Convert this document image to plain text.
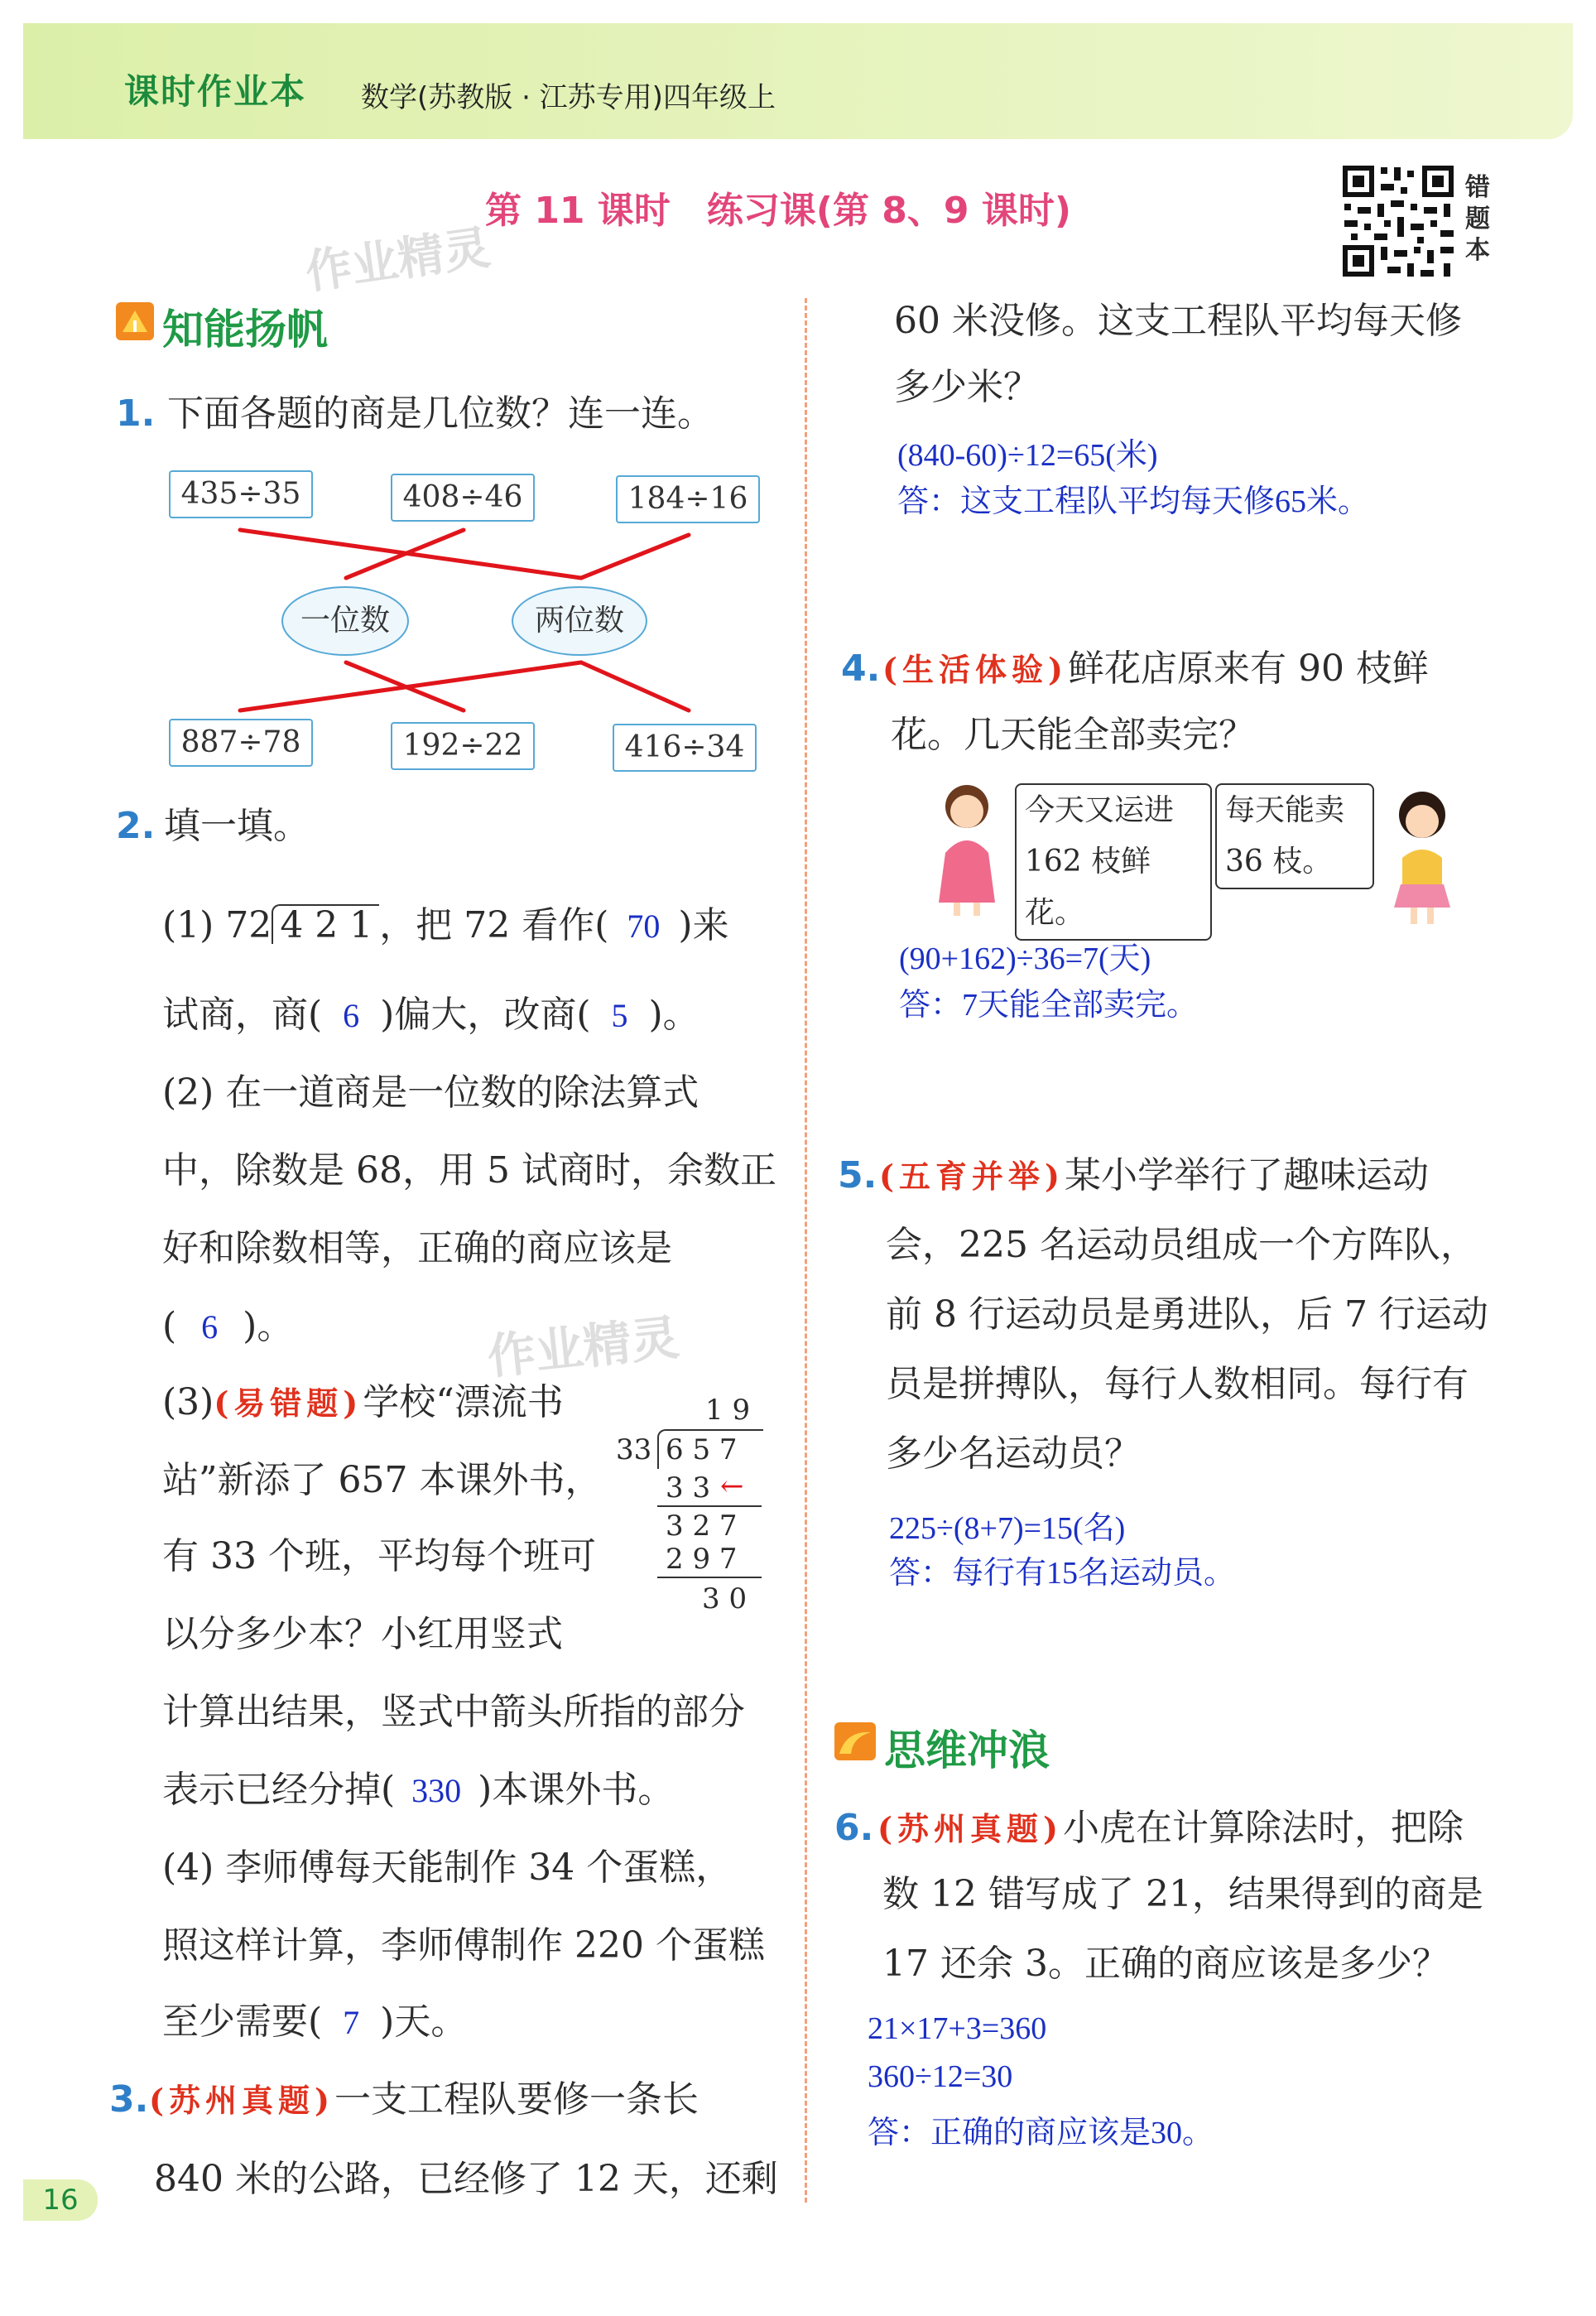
课时作业本 数学(苏教版 · 江苏专用)四年级上
第 11 课时　练习课(第 8、9 课时)
错
题
本
作业精灵
作业精灵
知能扬帆
1. 下面各题的商是几位数？连一连。
435÷35	408÷46	184÷16
一位数	两位数
887÷78	192÷22	416÷34
2. 填一填。
(1) 72 4 2 1 ，把 72 看作( 70 )来
试商，商( 6 )偏大，改商( 5 )。
(2) 在一道商是一位数的除法算式
中，除数是 68，用 5 试商时，余数正
好和除数相等，正确的商应该是
( 6 )。
(3)(易错题)学校“漂流书
站”新添了 657 本课外书，
有 33 个班，平均每个班可
以分多少本？小红用竖式
计算出结果，竖式中箭头所指的部分
表示已经分掉( 330 )本课外书。
1 9
33 6 5 7
3 3 ←
3 2 7
2 9 7
3 0
(4) 李师傅每天能制作 34 个蛋糕，
照这样计算，李师傅制作 220 个蛋糕
至少需要( 7 )天。
3. (苏州真题)一支工程队要修一条长
840 米的公路，已经修了 12 天，还剩
60 米没修。这支工程队平均每天修
多少米？
(840-60)÷12=65(米)
答：这支工程队平均每天修65米。
4. (生活体验)鲜花店原来有 90 枝鲜
花。几天能全部卖完？
今天又运进
162 枝鲜花。
每天能卖
36 枝。
(90+162)÷36=7(天)
答：7天能全部卖完。
5. (五育并举)某小学举行了趣味运动
会，225 名运动员组成一个方阵队，
前 8 行运动员是勇进队，后 7 行运动
员是拼搏队，每行人数相同。每行有
多少名运动员？
225÷(8+7)=15(名)
答：每行有15名运动员。
思维冲浪
6. (苏州真题)小虎在计算除法时，把除
数 12 错写成了 21，结果得到的商是
17 还余 3。正确的商应该是多少？
21×17+3=360
360÷12=30
答：正确的商应该是30。
16
